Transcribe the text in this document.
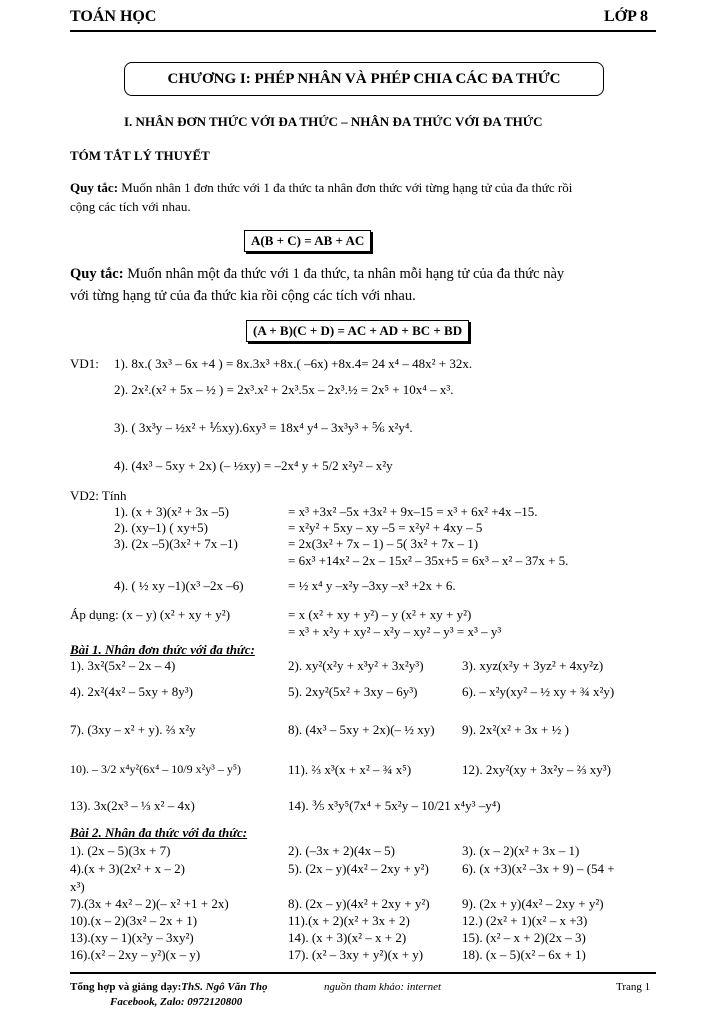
TOÁN HỌC	LỚP 8
CHƯƠNG I: PHÉP NHÂN VÀ PHÉP CHIA CÁC ĐA THỨC
I. NHÂN ĐƠN THỨC VỚI ĐA THỨC – NHÂN ĐA THỨC VỚI ĐA THỨC
TÓM TẮT LÝ THUYẾT
Quy tắc: Muốn nhân 1 đơn thức với 1 đa thức ta nhân đơn thức với từng hạng tử của đa thức rồi
cộng các tích với nhau.
A(B + C) = AB + AC
Quy tắc: Muốn nhân một đa thức với 1 đa thức, ta nhân mỗi hạng tử của đa thức này
với từng hạng tử của đa thức kia rồi cộng các tích với nhau.
(A + B)(C + D) = AC + AD + BC + BD
VD1: 1). 8x.( 3x³ – 6x +4 ) = 8x.3x³ +8x.( –6x) +8x.4= 24 x⁴ – 48x² + 32x.
2). 2x².(x² + 5x – ½ ) = 2x³.x² + 2x³.5x – 2x³.½ = 2x⁵ + 10x⁴ – x³.
3). ( 3x³y – ½x² + ⅕xy).6xy³ = 18x⁴ y⁴ – 3x³y³ + ⅚ x²y⁴.
4). (4x³ – 5xy + 2x) (– ½xy) = –2x⁴ y + 5/2 x²y² – x²y
VD2: Tính
1). (x + 3)(x² + 3x –5)	= x³ +3x² –5x +3x² + 9x–15 = x³ + 6x² +4x –15.
2). (xy–1) ( xy+5)	= x²y² + 5xy – xy –5 = x²y² + 4xy – 5
3). (2x –5)(3x² + 7x –1)	= 2x(3x² + 7x – 1) – 5( 3x² + 7x – 1)
= 6x³ +14x² – 2x – 15x² – 35x+5 = 6x³ – x² – 37x + 5.
4). ( ½ xy –1)(x³ –2x –6)	= ½ x⁴ y –x²y –3xy –x³ +2x + 6.
Áp dụng: (x – y) (x² + xy + y²)	= x (x² + xy + y²) – y (x² + xy + y²)
= x³ + x²y + xy² – x²y – xy² – y³ = x³ – y³
Bài 1. Nhân đơn thức với đa thức:
1). 3x²(5x² – 2x – 4)	2). xy²(x²y + x³y² + 3x²y³)	3). xyz(x²y + 3yz² + 4xy²z)
4). 2x²(4x² – 5xy + 8y³)	5). 2xy²(5x² + 3xy – 6y³)	6). – x²y(xy² – ½ xy + ¾ x²y)
7). (3xy – x² + y). ⅔ x²y	8). (4x³ – 5xy + 2x)(– ½ xy) 9). 2x²(x² + 3x + ½ )
10). – 3/2 x⁴y²(6x⁴ – 10/9 x²y³ – y⁵)	11). ⅔ x³(x + x² – ¾ x⁵)	12). 2xy²(xy + 3x²y – ⅔ xy³)
13). 3x(2x³ – ⅓ x² – 4x)	14). ⅗ x³y⁵(7x⁴ + 5x²y – 10/21 x⁴y³ –y⁴)
Bài 2. Nhân đa thức với đa thức:
1). (2x – 5)(3x + 7)	2). (–3x + 2)(4x – 5)	3). (x – 2)(x² + 3x – 1)
4).(x + 3)(2x² + x – 2)	5). (2x – y)(4x² – 2xy + y²)	6). (x +3)(x² –3x + 9) – (54 +
x³)
7).(3x + 4x² – 2)(– x² +1 + 2x)	8). (2x – y)(4x² + 2xy + y²) 9). (2x + y)(4x² – 2xy + y²)
10).(x – 2)(3x² – 2x + 1)	11).(x + 2)(x² + 3x + 2)	12.) (2x² + 1)(x² – x +3)
13).(xy – 1)(x²y – 3xy²)	14). (x + 3)(x² – x + 2)	15). (x² – x + 2)(2x – 3)
16).(x² – 2xy – y²)(x – y)	17). (x² – 3xy + y²)(x + y)	18). (x – 5)(x² – 6x + 1)
Tổng hợp và giảng dạy:ThS. Ngô Văn Thọ	nguồn tham khảo: internet	Trang 1
Facebook, Zalo: 0972120800
